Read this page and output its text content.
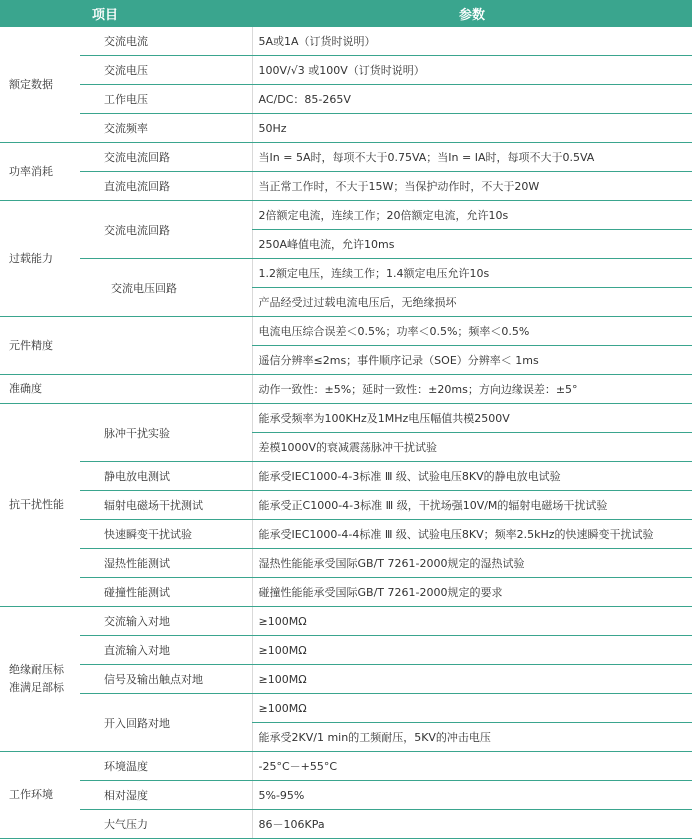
项目		参数
额定数据	交流电流	5A或1A（订货时说明）
	交流电压	100V/√3 或100V（订货时说明）
	工作电压	AC/DC：85-265V
	交流频率	50Hz
功率消耗	交流电流回路	当In = 5A时，每项不大于0.75VA；当In = IA时，每项不大于0.5VA
	直流电流回路	当正常工作时，不大于15W；当保护动作时，不大于20W
过载能力	交流电流回路	2倍额定电流，连续工作；20倍额定电流，允许10s
		250A峰值电流，允许10ms
	交流电压回路	1.2额定电压，连续工作；1.4额定电压允许10s
		产品经受过过载电流电压后，无绝缘损坏
元件精度		电流电压综合误差＜0.5%；功率＜0.5%；频率＜0.5%
		遥信分辨率≤2ms；事件顺序记录（SOE）分辨率＜ 1ms
准确度		动作一致性：±5%；延时一致性：±20ms；方向边缘误差：±5°
抗干扰性能	脉冲干扰实验	能承受频率为100KHz及1MHz电压幅值共模2500V
		差模1000V的衰减震荡脉冲干扰试验
	静电放电测试	能承受IEC1000-4-3标准 Ⅲ 级、试验电压8KV的静电放电试验
	辐射电磁场干扰测试	能承受正C1000-4-3标准 Ⅲ 级，干扰场强10V/M的辐射电磁场干扰试验
	快速瞬变干扰试验	能承受IEC1000-4-4标准 Ⅲ 级、试验电压8KV；频率2.5kHz的快速瞬变干扰试验
	湿热性能测试	湿热性能能承受国际GB/T 7261-2000规定的湿热试验
	碰撞性能测试	碰撞性能能承受国际GB/T 7261-2000规定的要求
绝缘耐压标
准满足部标	交流输入对地	≥100MΩ
	直流输入对地	≥100MΩ
	信号及输出触点对地	≥100MΩ
	开入回路对地	≥100MΩ
		能承受2KV/1 min的工频耐压，5KV的冲击电压
工作环境	环境温度	-25°C－+55°C
	相对湿度	5%-95%
	大气压力	86－106KPa
